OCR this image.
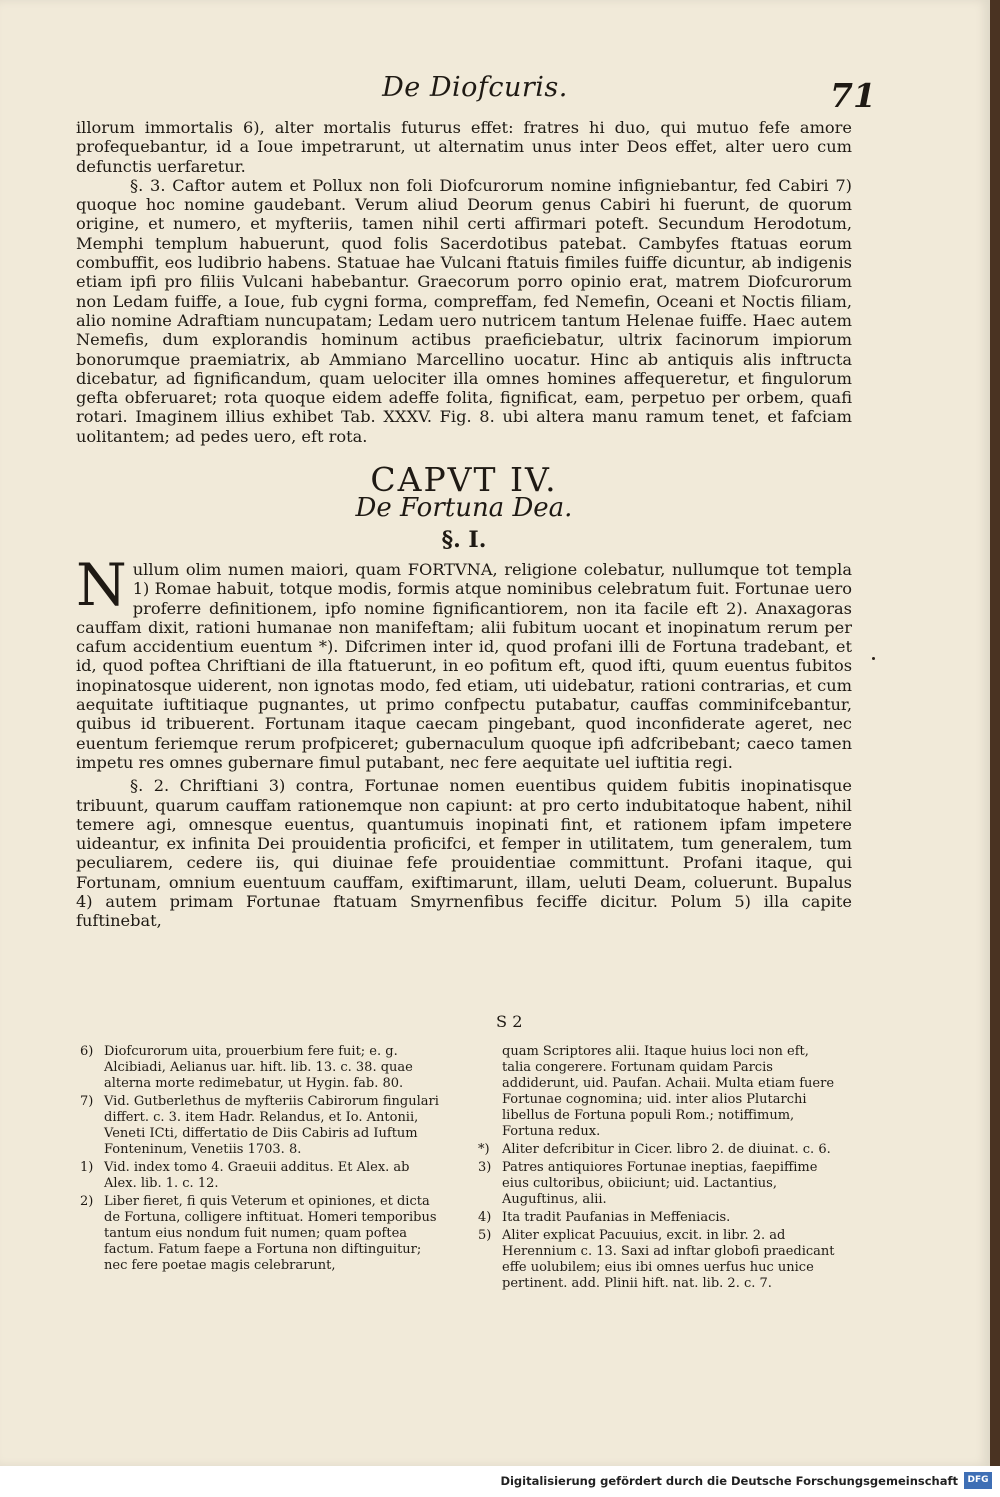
De Diofcuris.	71

illorum immortalis 6), alter mortalis futurus effet: fratres hi duo, qui mutuo fefe amore profequebantur, id a Ioue impetrarunt, ut alternatim unus inter Deos effet, alter uero cum defunctis uerfaretur.

§. 3. Caftor autem et Pollux non foli Diofcurorum nomine infigniebantur, fed Cabiri 7) quoque hoc nomine gaudebant. Verum aliud Deorum genus Cabiri hi fuerunt, de quorum origine, et numero, et myfteriis, tamen nihil certi affirmari poteft. Secundum Herodotum, Memphi templum habuerunt, quod folis Sacerdotibus patebat. Cambyfes ftatuas eorum combuffit, eos ludibrio habens. Statuae hae Vulcani ftatuis fimiles fuiffe dicuntur, ab indigenis etiam ipfi pro filiis Vulcani habebantur. Graecorum porro opinio erat, matrem Diofcurorum non Ledam fuiffe, a Ioue, fub cygni forma, compreffam, fed Nemefin, Oceani et Noctis filiam, alio nomine Adraftiam nuncupatam; Ledam uero nutricem tantum Helenae fuiffe. Haec autem Nemefis, dum explorandis hominum actibus praeficiebatur, ultrix facinorum impiorum bonorumque praemiatrix, ab Ammiano Marcellino uocatur. Hinc ab antiquis alis inftructa dicebatur, ad fignificandum, quam uelociter illa omnes homines affequeretur, et fingulorum gefta obferuaret; rota quoque eidem adeffe folita, fignificat, eam, perpetuo per orbem, quafi rotari. Imaginem illius exhibet Tab. XXXV. Fig. 8. ubi altera manu ramum tenet, et fafciam uolitantem; ad pedes uero, eft rota.

CAPVT IV.
De Fortuna Dea.
§. I.

Nullum olim numen maiori, quam FORTVNA, religione colebatur, nullumque tot templa 1) Romae habuit, totque modis, formis atque nominibus celebratum fuit. Fortunae uero proferre definitionem, ipfo nomine fignificantiorem, non ita facile eft 2). Anaxagoras cauffam dixit, rationi humanae non manifeftam; alii fubitum uocant et inopinatum rerum per cafum accidentium euentum *). Difcrimen inter id, quod profani illi de Fortuna tradebant, et id, quod poftea Chriftiani de illa ftatuerunt, in eo pofitum eft, quod ifti, quum euentus fubitos inopinatosque uiderent, non ignotas modo, fed etiam, uti uidebatur, rationi contrarias, et cum aequitate iuftitiaque pugnantes, ut primo confpectu putabatur, cauffas comminifcebantur, quibus id tribuerent. Fortunam itaque caecam pingebant, quod inconfiderate ageret, nec euentum feriemque rerum profpiceret; gubernaculum quoque ipfi adfcribebant; caeco tamen impetu res omnes gubernare fimul putabant, nec fere aequitate uel iuftitia regi.

§. 2. Chriftiani 3) contra, Fortunae nomen euentibus quidem fubitis inopinatisque tribuunt, quarum cauffam rationemque non capiunt: at pro certo indubitatoque habent, nihil temere agi, omnesque euentus, quantumuis inopinati fint, et rationem ipfam impetere uideantur, ex infinita Dei prouidentia proficifci, et femper in utilitatem, tum generalem, tum peculiarem, cedere iis, qui diuinae fefe prouidentiae committunt. Profani itaque, qui Fortunam, omnium euentuum cauffam, exiftimarunt, illam, ueluti Deam, coluerunt. Bupalus 4) autem primam Fortunae ftatuam Smyrnenfibus feciffe dicitur. Polum 5) illa capite fuftinebat,

S 2
6) Diofcurorum uita, prouerbium fere fuit; e. g. Alcibiadi, Aelianus uar. hift. lib. 13. c. 38. quae alterna morte redimebatur, ut Hygin. fab. 80.
7) Vid. Gutberlethus de myfteriis Cabirorum fingulari differt. c. 3. item Hadr. Relandus, et Io. Antonii, Veneti ICti, differtatio de Diis Cabiris ad Iuftum Fonteninum, Venetiis 1703. 8.
1) Vid. index tomo 4. Graeuii additus. Et Alex. ab Alex. lib. 1. c. 12.
2) Liber fieret, fi quis Veterum et opiniones, et dicta de Fortuna, colligere inftituat. Homeri temporibus tantum eius nondum fuit numen; quam poftea factum. Fatum faepe a Fortuna non diftinguitur; nec fere poetae magis celebrarunt,
quam Scriptores alii. Itaque huius loci non eft, talia congerere. Fortunam quidam Parcis addiderunt, uid. Paufan. Achaii. Multa etiam fuere Fortunae cognomina; uid. inter alios Plutarchi libellus de Fortuna populi Rom.; notiffimum, Fortuna redux.
*) Aliter defcribitur in Cicer. libro 2. de diuinat. c. 6.
3) Patres antiquiores Fortunae ineptias, faepiffime eius cultoribus, obiiciunt; uid. Lactantius, Auguftinus, alii.
4) Ita tradit Paufanias in Meffeniacis.
5) Aliter explicat Pacuuius, excit. in libr. 2. ad Herennium c. 13. Saxi ad inftar globofi praedicant effe uolubilem; eius ibi omnes uerfus huc unice pertinent. add. Plinii hift. nat. lib. 2. c. 7.
Digitalisierung gefördert durch die Deutsche Forschungsgemeinschaft	DFG
